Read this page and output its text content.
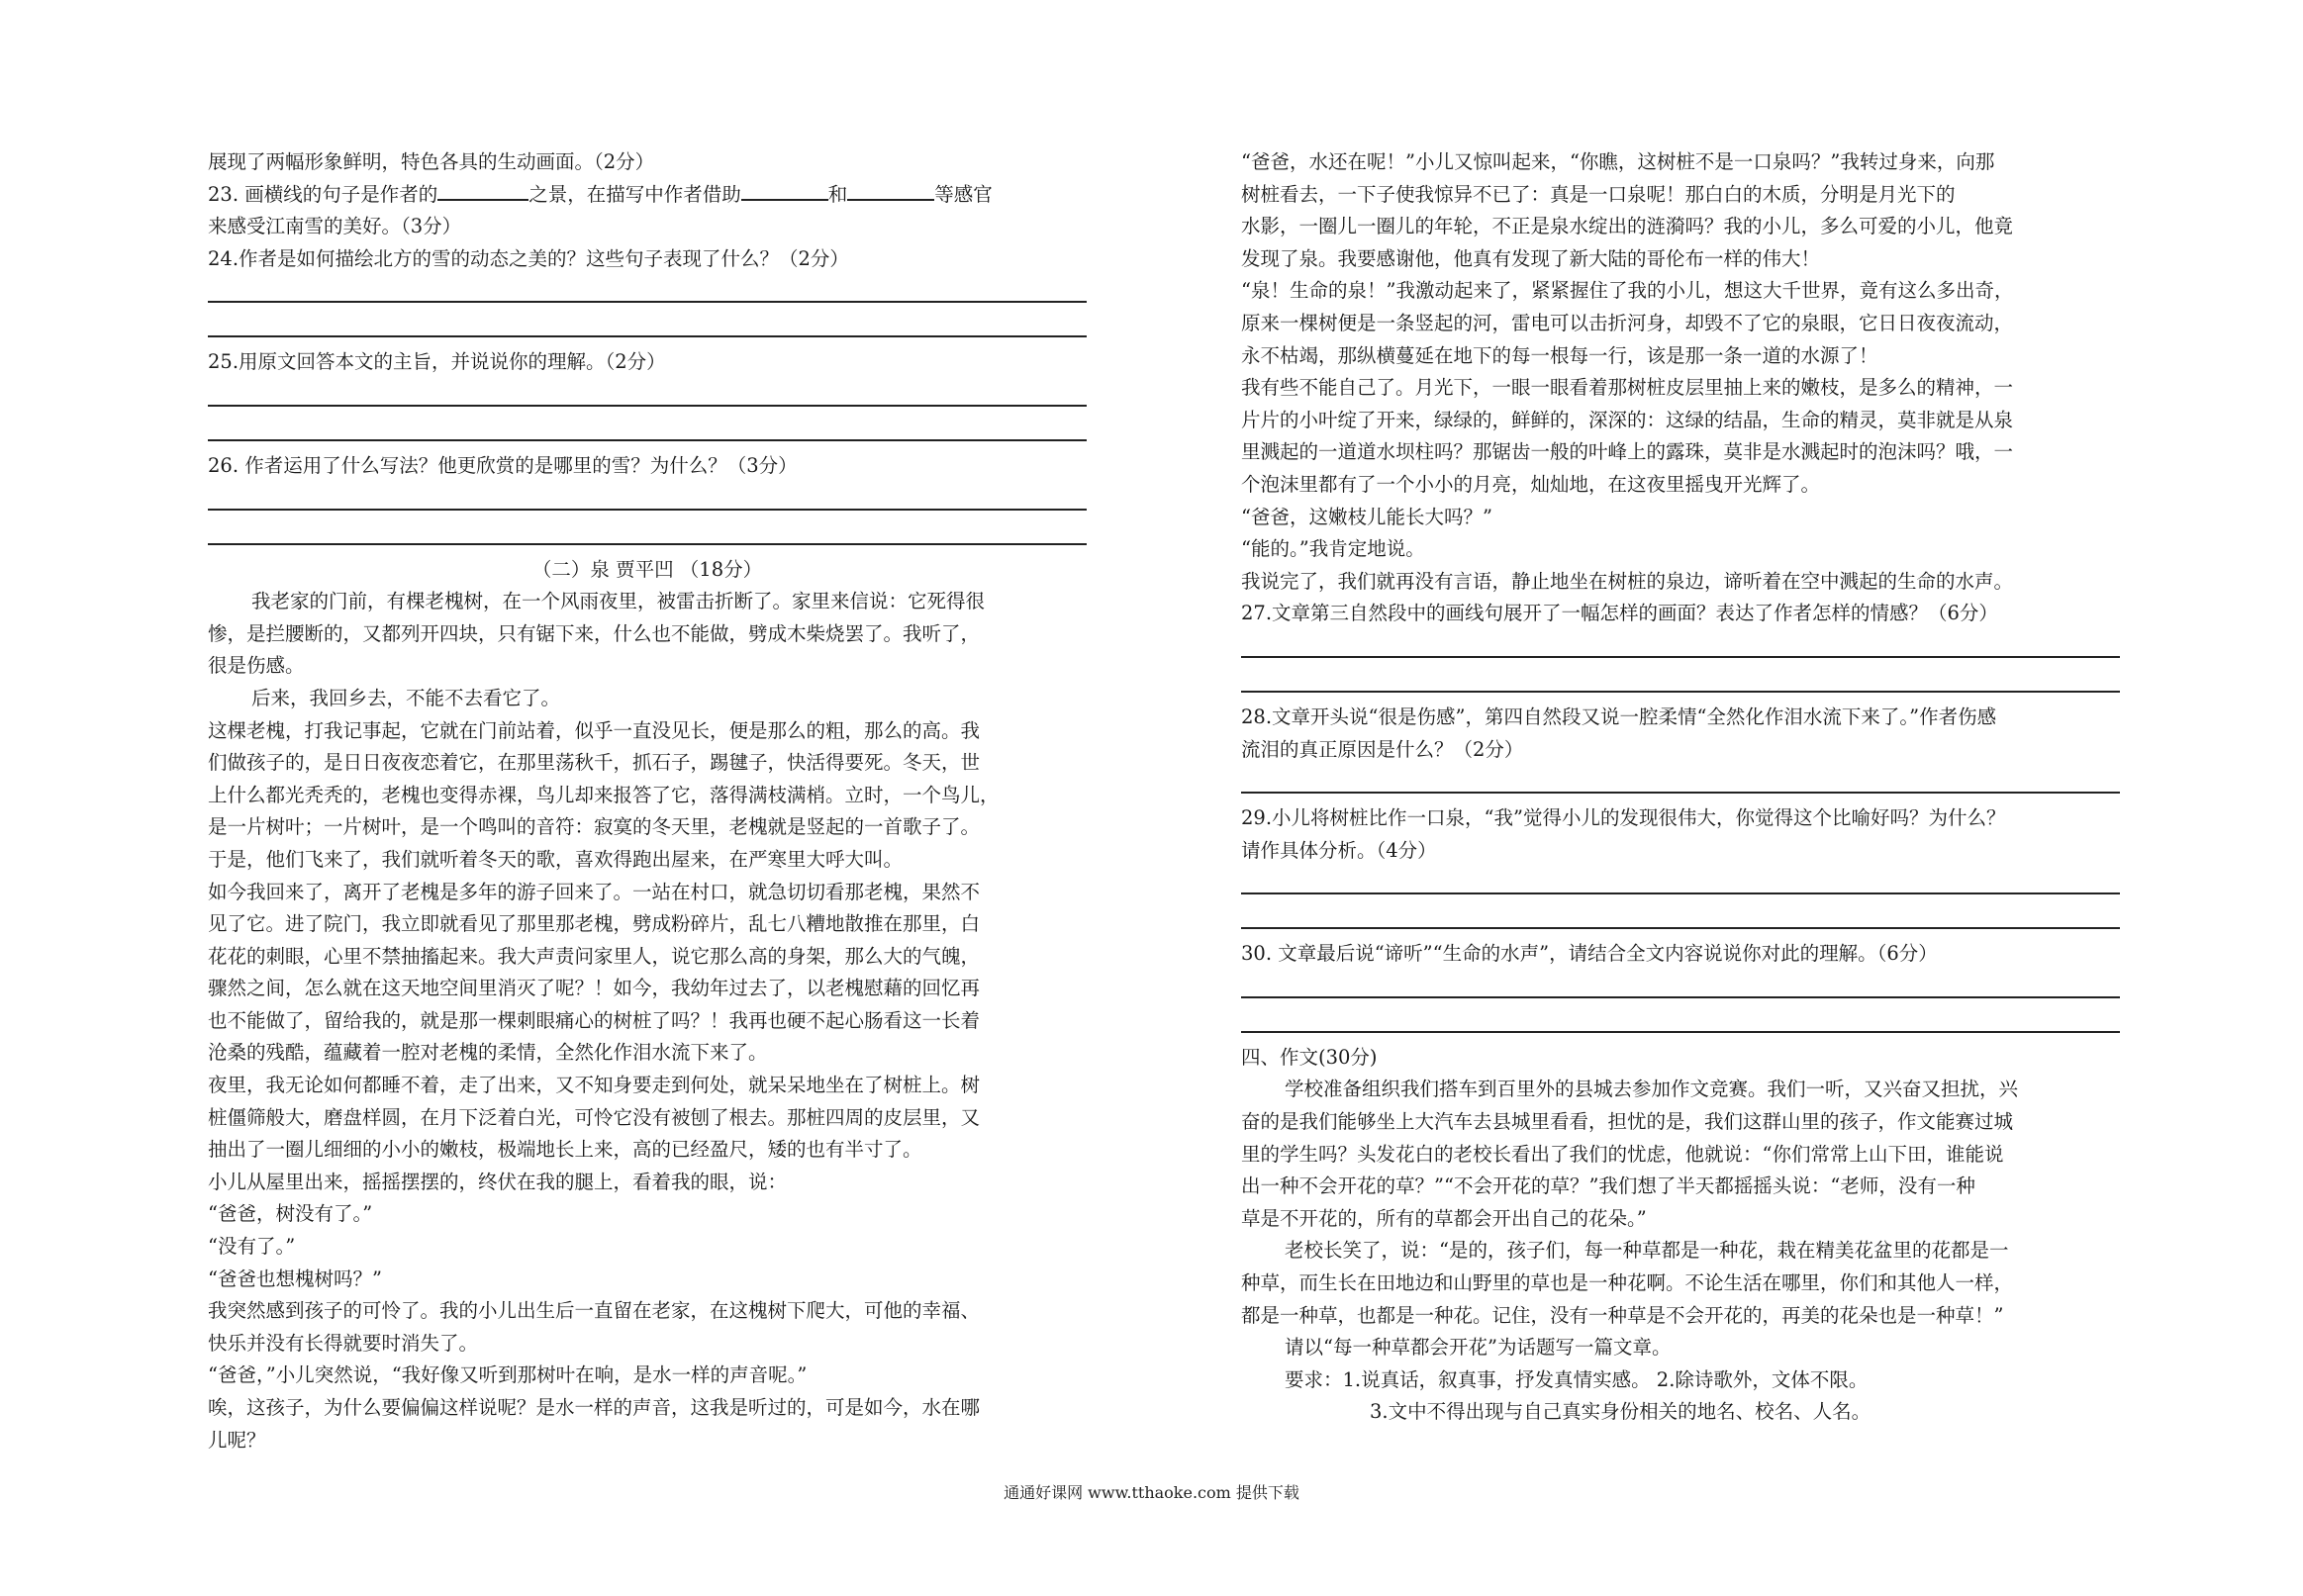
展现了两幅形象鲜明，特色各具的生动画面。（2分）
23. 画横线的句子是作者的	之景，在描写中作者借助	和	等感官
来感受江南雪的美好。（3分）
24.作者是如何描绘北方的雪的动态之美的？这些句子表现了什么？（2分）
25.用原文回答本文的主旨，并说说你的理解。（2分）
26. 作者运用了什么写法？他更欣赏的是哪里的雪？为什么？（3分）
（二）泉 贾平凹 （18分）
我老家的门前，有棵老槐树，在一个风雨夜里，被雷击折断了。家里来信说：它死得很
惨，是拦腰断的，又都列开四块，只有锯下来，什么也不能做，劈成木柴烧罢了。我听了，
很是伤感。
后来，我回乡去，不能不去看它了。
这棵老槐，打我记事起，它就在门前站着，似乎一直没见长，便是那么的粗，那么的高。我
们做孩子的，是日日夜夜恋着它，在那里荡秋千，抓石子，踢毽子，快活得要死。冬天，世
上什么都光秃秃的，老槐也变得赤裸，鸟儿却来报答了它，落得满枝满梢。立时，一个鸟儿，
是一片树叶；一片树叶，是一个鸣叫的音符：寂寞的冬天里，老槐就是竖起的一首歌子了。
于是，他们飞来了，我们就听着冬天的歌，喜欢得跑出屋来，在严寒里大呼大叫。
如今我回来了，离开了老槐是多年的游子回来了。一站在村口，就急切切看那老槐，果然不
见了它。进了院门，我立即就看见了那里那老槐，劈成粉碎片，乱七八糟地散推在那里，白
花花的刺眼，心里不禁抽搐起来。我大声责问家里人，说它那么高的身架，那么大的气魄，
骤然之间，怎么就在这天地空间里消灭了呢？！如今，我幼年过去了，以老槐慰藉的回忆再
也不能做了，留给我的，就是那一棵刺眼痛心的树桩了吗？！我再也硬不起心肠看这一长着
沧桑的残酷，蕴藏着一腔对老槐的柔情，全然化作泪水流下来了。
夜里，我无论如何都睡不着，走了出来，又不知身要走到何处，就呆呆地坐在了树桩上。树
桩僵筛般大，磨盘样圆，在月下泛着白光，可怜它没有被刨了根去。那桩四周的皮层里，又
抽出了一圈儿细细的小小的嫩枝，极端地长上来，高的已经盈尺，矮的也有半寸了。
小儿从屋里出来，摇摇摆摆的，终伏在我的腿上，看着我的眼，说：
“爸爸，树没有了。”
“没有了。”
“爸爸也想槐树吗？”
我突然感到孩子的可怜了。我的小儿出生后一直留在老家，在这槐树下爬大，可他的幸福、
快乐并没有长得就要时消失了。
“爸爸，”小儿突然说，“我好像又听到那树叶在响，是水一样的声音呢。”
唉，这孩子，为什么要偏偏这样说呢？是水一样的声音，这我是听过的，可是如今，水在哪
儿呢？
“爸爸，水还在呢！”小儿又惊叫起来，“你瞧，这树桩不是一口泉吗？”我转过身来，向那
树桩看去，一下子使我惊异不已了：真是一口泉呢！那白白的木质，分明是月光下的
水影，一圈儿一圈儿的年轮，不正是泉水绽出的涟漪吗？我的小儿，多么可爱的小儿，他竟
发现了泉。我要感谢他，他真有发现了新大陆的哥伦布一样的伟大！
“泉！生命的泉！”我激动起来了，紧紧握住了我的小儿，想这大千世界，竟有这么多出奇，
原来一棵树便是一条竖起的河，雷电可以击折河身，却毁不了它的泉眼，它日日夜夜流动，
永不枯竭，那纵横蔓延在地下的每一根每一行，该是那一条一道的水源了！
我有些不能自己了。月光下，一眼一眼看着那树桩皮层里抽上来的嫩枝，是多么的精神，一
片片的小叶绽了开来，绿绿的，鲜鲜的，深深的：这绿的结晶，生命的精灵，莫非就是从泉
里溅起的一道道水坝柱吗？那锯齿一般的叶峰上的露珠，莫非是水溅起时的泡沫吗？哦，一
个泡沫里都有了一个小小的月亮，灿灿地，在这夜里摇曳开光辉了。
“爸爸，这嫩枝儿能长大吗？”
“能的。”我肯定地说。
我说完了，我们就再没有言语，静止地坐在树桩的泉边，谛听着在空中溅起的生命的水声。
27.文章第三自然段中的画线句展开了一幅怎样的画面？表达了作者怎样的情感？（6分）
28.文章开头说“很是伤感”，第四自然段又说一腔柔情“全然化作泪水流下来了。”作者伤感
流泪的真正原因是什么？（2分）
29.小儿将树桩比作一口泉，“我”觉得小儿的发现很伟大，你觉得这个比喻好吗？为什么？
请作具体分析。（4分）
30. 文章最后说“谛听”“生命的水声”，请结合全文内容说说你对此的理解。（6分）
四、作文(30分)
学校准备组织我们搭车到百里外的县城去参加作文竞赛。我们一听，又兴奋又担扰，兴
奋的是我们能够坐上大汽车去县城里看看，担忧的是，我们这群山里的孩子，作文能赛过城
里的学生吗？头发花白的老校长看出了我们的忧虑，他就说：“你们常常上山下田，谁能说
出一种不会开花的草？”“不会开花的草？”我们想了半天都摇摇头说：“老师，没有一种
草是不开花的，所有的草都会开出自己的花朵。”
老校长笑了，说：“是的，孩子们，每一种草都是一种花，栽在精美花盆里的花都是一
种草，而生长在田地边和山野里的草也是一种花啊。不论生活在哪里，你们和其他人一样，
都是一种草，也都是一种花。记住，没有一种草是不会开花的，再美的花朵也是一种草！”
请以“每一种草都会开花”为话题写一篇文章。
要求：1.说真话，叙真事，抒发真情实感。 2.除诗歌外，文体不限。
3.文中不得出现与自己真实身份相关的地名、校名、人名。
通通好课网 www.tthaoke.com 提供下载
